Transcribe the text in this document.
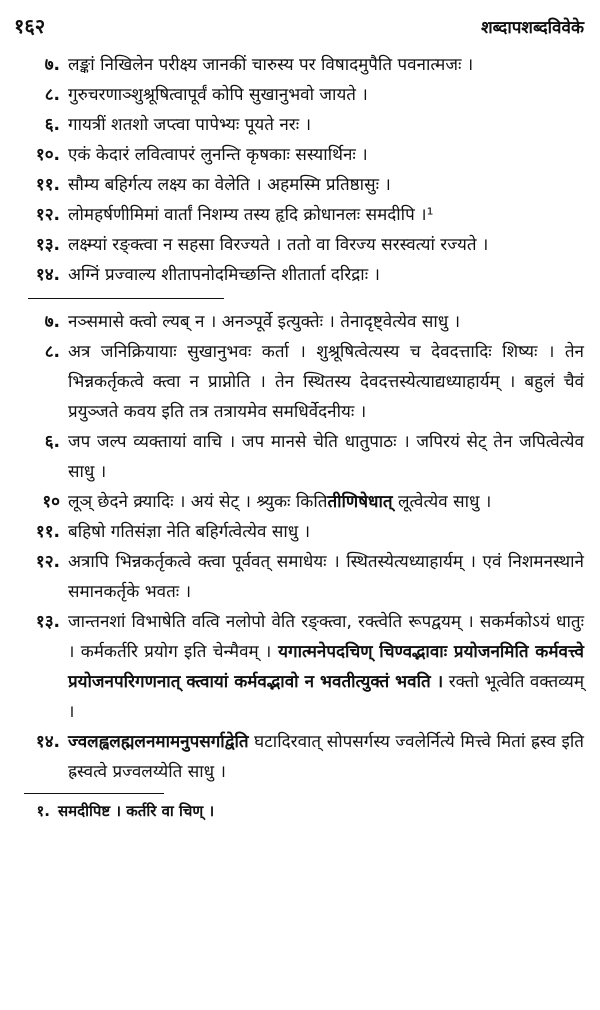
१६२	शब्दापशब्दविवेके
७. लङ्कां निखिलेन परीक्ष्य जानकीं चारुस्य पर विषादमुपैति पवनात्मजः ।
८. गुरुचरणाञ्शुश्रूषित्वापूर्वं कोपि सुखानुभवो जायते ।
६. गायत्रीं शतशो जप्त्वा पापेभ्यः पूयते नरः ।
१०. एकं केदारं लवित्वापरं लुनन्ति कृषकाः सस्यार्थिनः ।
११. सौम्य बहिर्गत्य लक्ष्य का वेलेति । अहमस्मि प्रतिष्ठासुः ।
१२. लोमहर्षणीमिमां वार्तां निशम्य तस्य हृदि क्रोधानलः समदीपि ।¹
१३. लक्ष्म्यां रङ्क्त्वा न सहसा विरज्यते । ततो वा विरज्य सरस्वत्यां रज्यते ।
१४. अग्निं प्रज्वाल्य शीतापनोदमिच्छन्ति शीतार्ता दरिद्राः ।
७. नञ्समासे क्त्वो ल्यब् न । अनञ्पूर्वे इत्युक्तेः । तेनादृष्ट्वेत्येव साधु ।
८. अत्र जनिक्रियायाः सुखानुभवः कर्ता । शुश्रूषित्वेत्यस्य च देवदत्तादिः शिष्यः । तेन भिन्नकर्तृकत्वे क्त्वा न प्राप्नोति । तेन स्थितस्य देवदत्तस्येत्याद्यध्याहार्यम् । बहुलं चैवं प्रयुञ्जते कवय इति तत्र तत्रायमेव समधिर्वेदनीयः ।
६. जप जल्प व्यक्तायां वाचि । जप मानसे चेति धातुपाठः । जपिरयं सेट् तेन जपित्वेत्येव साधु ।
१० लूञ् छेदने क्र्यादिः । अयं सेट् । श्र्युकः कितितीणिषेधात् लूत्वेत्येव साधु ।
११. बहिषो गतिसंज्ञा नेति बहिर्गत्वेत्येव साधु ।
१२. अत्रापि भिन्नकर्तृकत्वे क्त्वा पूर्ववत् समाधेयः । स्थितस्येत्यध्याहार्यम् । एवं निशमनस्थाने समानकर्तृके भवतः ।
१३. जान्तनशां विभाषेति वत्वि नलोपो वेति रङ्क्त्वा, रक्त्वेति रूपद्वयम् । सकर्मकोऽयं धातुः । कर्मकर्तरि प्रयोग इति चेन्मैवम् । यगात्मनेपदचिण् चिण्वद्भावाः प्रयोजनमिति कर्मवत्त्वे प्रयोजनपरिगणनात् क्त्वायां कर्मवद्भावो न भवतीत्युक्तं भवति । रक्तो भूत्वेति वक्तव्यम् ।
१४. ज्वलह्वलह्मलनमामनुपसर्गाद्वेति घटादिरवात् सोपसर्गस्य ज्वलेर्नित्ये मित्त्वे मितां ह्रस्व इति ह्रस्वत्वे प्रज्वलय्येति साधु ।
१. समदीपिष्ट । कर्तरि वा चिण् ।
